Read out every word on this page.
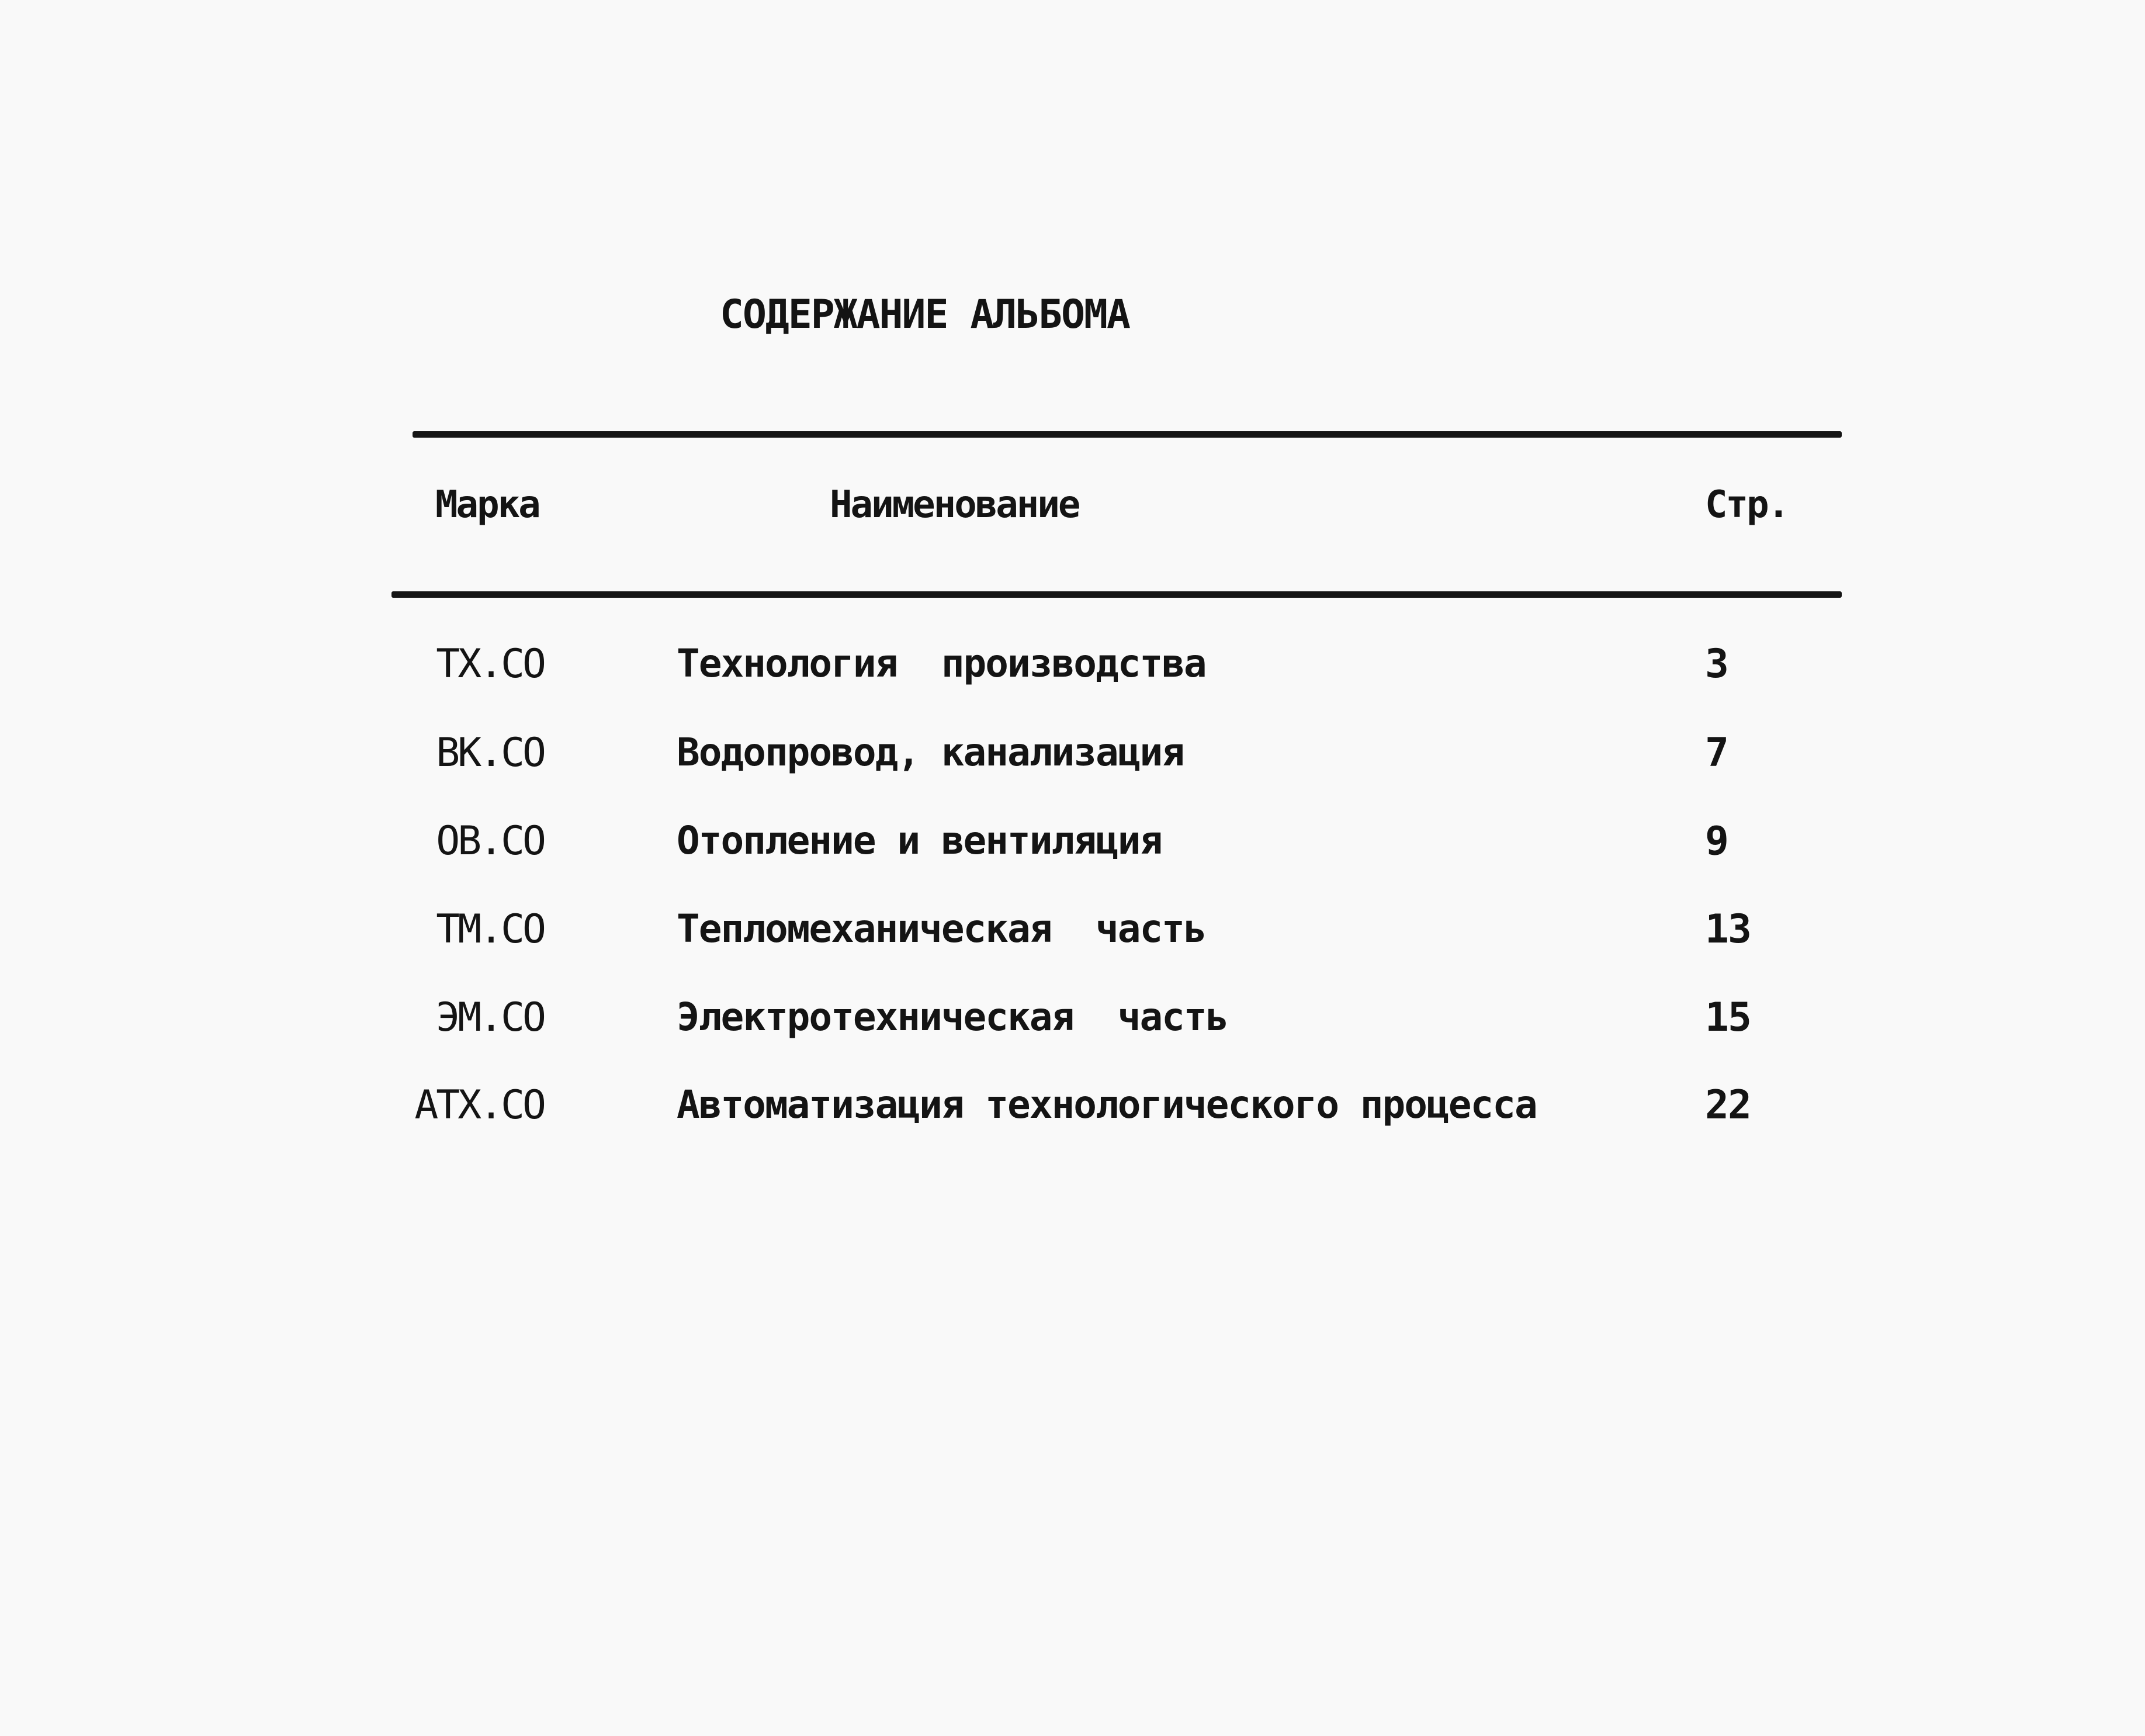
СОДЕРЖАНИЕ АЛЬБОМА
Марка	Наименование	Стр.
ТХ.СО	Технология  производства	3
ВК.СО	Водопровод, канализация	7
ОВ.СО	Отопление и вентиляция	9
ТМ.СО	Тепломеханическая  часть	13
ЭМ.СО	Электротехническая  часть	15
АТХ.СО	Автоматизация технологического процесса	22
